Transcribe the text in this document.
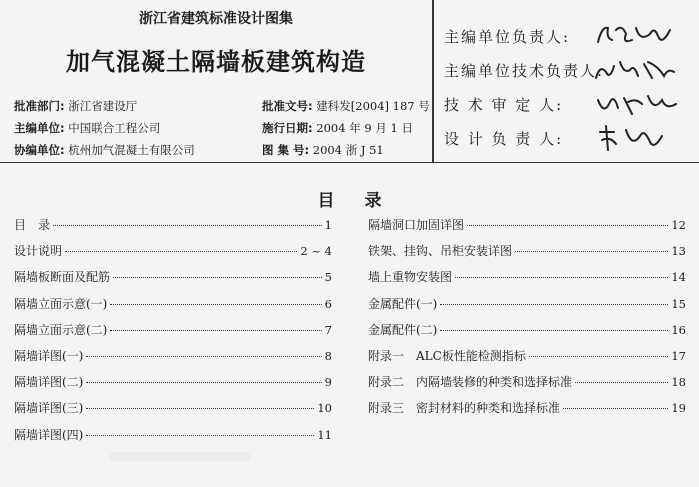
浙江省建筑标准设计图集
加气混凝土隔墙板建筑构造
批准部门: 浙江省建设厅
主编单位: 中国联合工程公司
协编单位: 杭州加气混凝土有限公司
批准文号: 建科发[2004] 187 号
施行日期: 2004 年 9 月 1 日
图 集 号: 2004 浙 J 51
主编单位负责人:
主编单位技术负责人:
技 术 审 定 人:
设 计 负 责 人:
目录
目　录	1
设计说明	2 ~ 4
隔墙板断面及配筋	5
隔墙立面示意(一)	6
隔墙立面示意(二)	7
隔墙详图(一)	8
隔墙详图(二)	9
隔墙详图(三)	10
隔墙详图(四)	11
隔墙洞口加固详图	12
铁架、挂钩、吊柜安装详图	13
墙上重物安装图	14
金属配件(一)	15
金属配件(二)	16
附录一　ALC板性能检测指标	17
附录二　内隔墙装修的种类和选择标准	18
附录三　密封材料的种类和选择标准	19
